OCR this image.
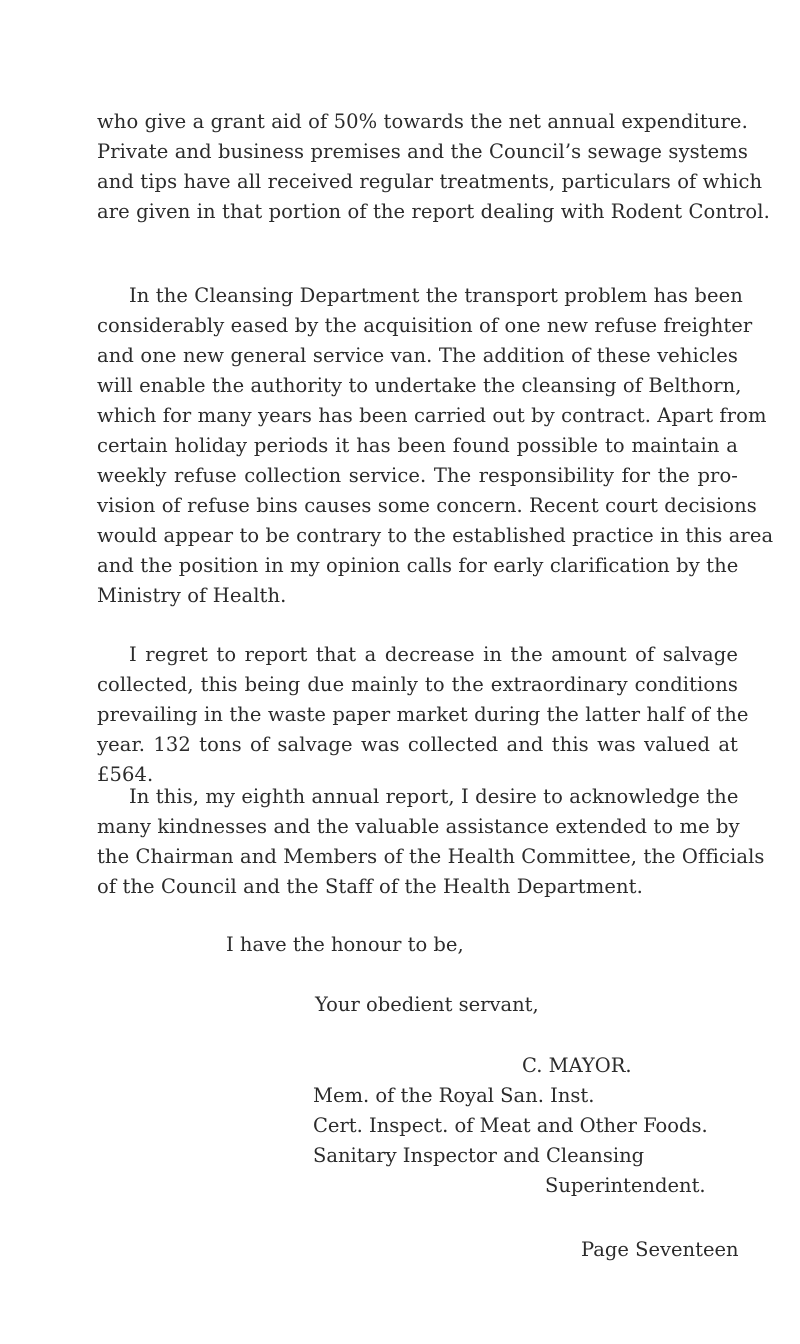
who give a grant aid of 50% towards the net annual expenditure.
Private and business premises and the Council’s sewage systems
and tips have all received regular treatments, particulars of which
are given in that portion of the report dealing with Rodent Control.
In the Cleansing Department the transport problem has been
considerably eased by the acquisition of one new refuse freighter
and one new general service van. The addition of these vehicles
will enable the authority to undertake the cleansing of Belthorn,
which for many years has been carried out by contract. Apart from
certain holiday periods it has been found possible to maintain a
weekly refuse collection service. The responsibility for the pro-
vision of refuse bins causes some concern. Recent court decisions
would appear to be contrary to the established practice in this area
and the position in my opinion calls for early clarification by the
Ministry of Health.
I regret to report that a decrease in the amount of salvage
collected, this being due mainly to the extraordinary conditions
prevailing in the waste paper market during the latter half of the
year. 132 tons of salvage was collected and this was valued at
£564.
In this, my eighth annual report, I desire to acknowledge the
many kindnesses and the valuable assistance extended to me by
the Chairman and Members of the Health Committee, the Officials
of the Council and the Staff of the Health Department.
I have the honour to be,
Your obedient servant,
C. MAYOR.
Mem. of the Royal San. Inst.
Cert. Inspect. of Meat and Other Foods.
Sanitary Inspector and Cleansing
Superintendent.
Page Seventeen
